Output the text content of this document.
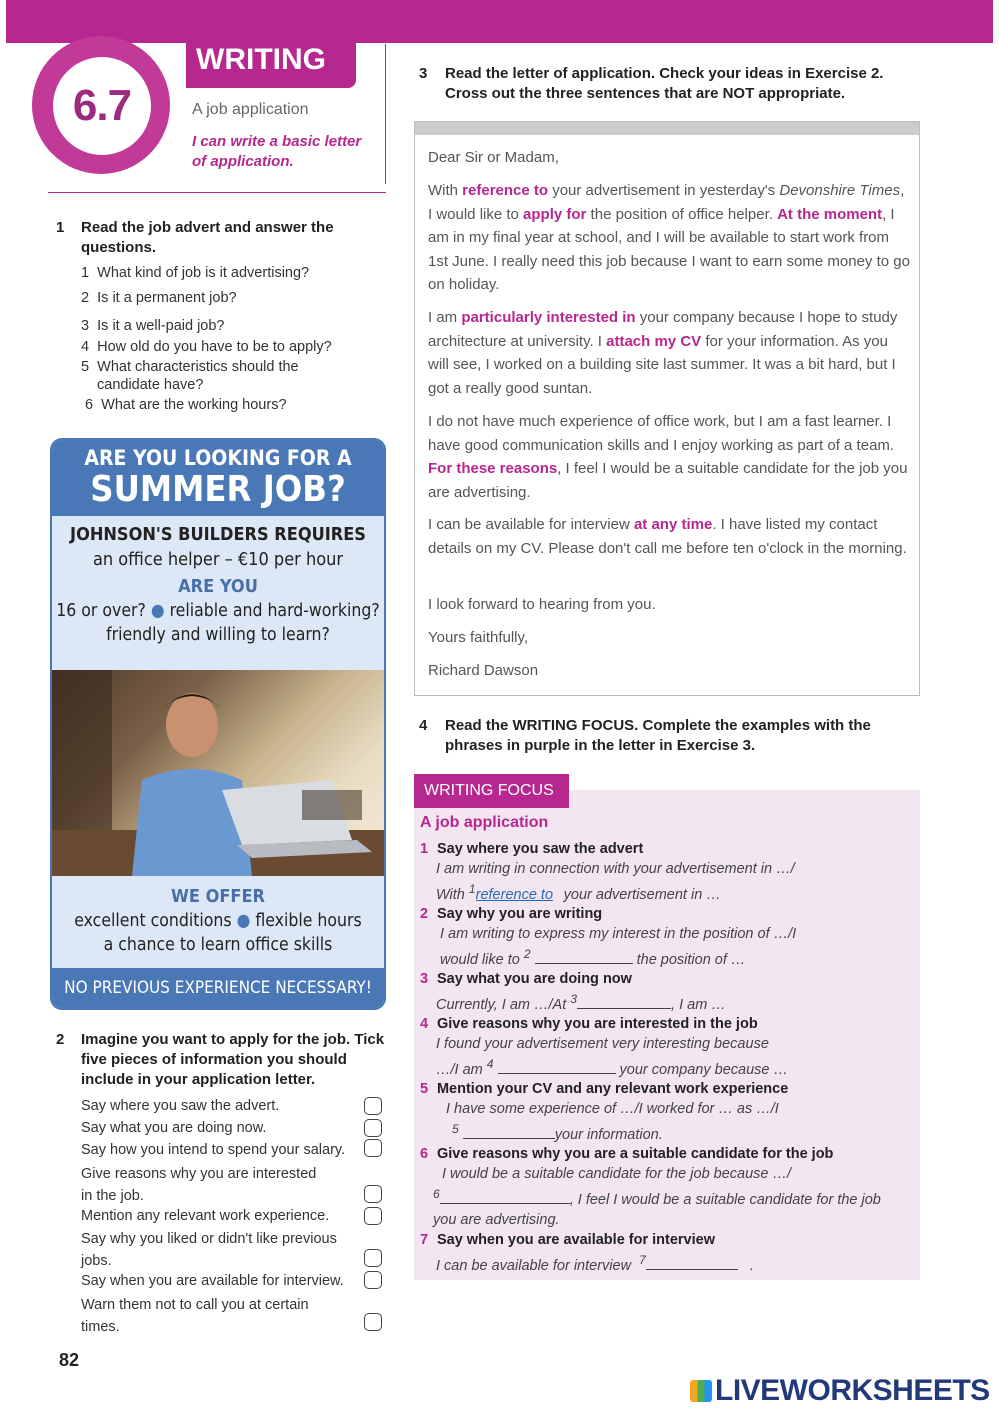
6.7
WRITING
A job application
I can write a basic letter of application.
1 Read the job advert and answer the questions.
1 What kind of job is it advertising?
2 Is it a permanent job?
3 Is it a well-paid job?
4 How old do you have to be to apply?
5 What characteristics should the candidate have?
6 What are the working hours?
ARE YOU LOOKING FOR A
SUMMER JOB?
JOHNSON'S BUILDERS REQUIRES
an office helper – €10 per hour
ARE YOU
16 or over? ● reliable and hard-working?
friendly and willing to learn?
WE OFFER
excellent conditions ● flexible hours
a chance to learn office skills
NO PREVIOUS EXPERIENCE NECESSARY!
2 Imagine you want to apply for the job. Tick five pieces of information you should include in your application letter.
Say where you saw the advert.
Say what you are doing now.
Say how you intend to spend your salary.
Give reasons why you are interested in the job.
Mention any relevant work experience.
Say why you liked or didn't like previous jobs.
Say when you are available for interview.
Warn them not to call you at certain times.
3 Read the letter of application. Check your ideas in Exercise 2. Cross out the three sentences that are NOT appropriate.
Dear Sir or Madam,
With reference to your advertisement in yesterday's Devonshire Times, I would like to apply for the position of office helper. At the moment, I am in my final year at school, and I will be available to start work from 1st June. I really need this job because I want to earn some money to go on holiday.
I am particularly interested in your company because I hope to study architecture at university. I attach my CV for your information. As you will see, I worked on a building site last summer. It was a bit hard, but I got a really good suntan.
I do not have much experience of office work, but I am a fast learner. I have good communication skills and I enjoy working as part of a team. For these reasons, I feel I would be a suitable candidate for the job you are advertising.
I can be available for interview at any time. I have listed my contact details on my CV. Please don't call me before ten o'clock in the morning.
I look forward to hearing from you.
Yours faithfully,
Richard Dawson
4 Read the WRITING FOCUS. Complete the examples with the phrases in purple in the letter in Exercise 3.
WRITING FOCUS
A job application
1 Say where you saw the advert
I am writing in connection with your advertisement in …/
With $^1$reference to	your advertisement in …
2 Say why you are writing
I am writing to express my interest in the position of …/I
would like to $^2$	the position of …
3 Say what you are doing now
Currently, I am …/At $^3$	, I am …
4 Give reasons why you are interested in the job
I found your advertisement very interesting because
…/I am $^4$	your company because …
5 Mention your CV and any relevant work experience
I have some experience of …/I worked for … as …/I
$^5$	your information.
6 Give reasons why you are a suitable candidate for the job
I would be a suitable candidate for the job because …/
$^6$	, I feel I would be a suitable candidate for the job
you are advertising.
7 Say when you are available for interview
I can be available for interview $^7$	.
82
LIVEWORKSHEETS
